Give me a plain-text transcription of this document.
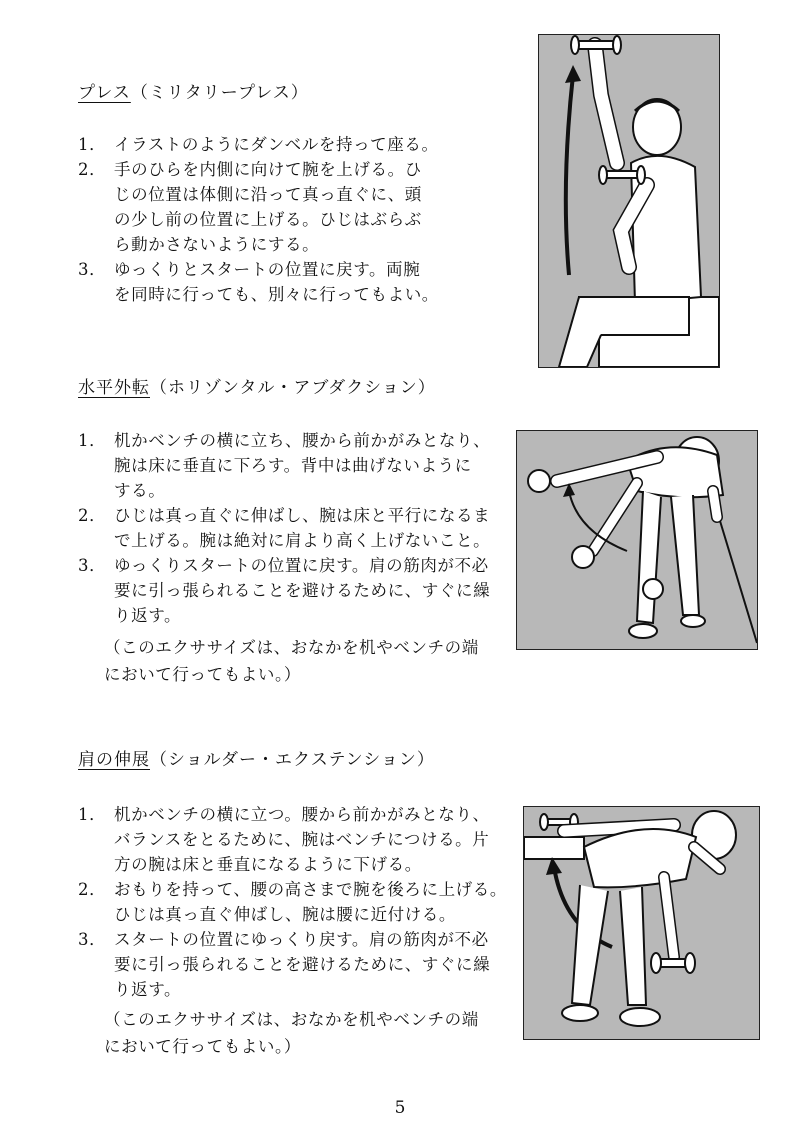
プレス（ミリタリープレス）
1． イラストのようにダンベルを持って座る。
2． 手のひらを内側に向けて腕を上げる。ひ
じの位置は体側に沿って真っ直ぐに、頭
の少し前の位置に上げる。ひじはぶらぶ
ら動かさないようにする。
3． ゆっくりとスタートの位置に戻す。両腕
を同時に行っても、別々に行ってもよい。
水平外転（ホリゾンタル・アブダクション）
1． 机かベンチの横に立ち、腰から前かがみとなり、
腕は床に垂直に下ろす。背中は曲げないように
する。
2． ひじは真っ直ぐに伸ばし、腕は床と平行になるま
で上げる。腕は絶対に肩より高く上げないこと。
3． ゆっくりスタートの位置に戻す。肩の筋肉が不必
要に引っ張られることを避けるために、すぐに繰
り返す。
（このエクササイズは、おなかを机やベンチの端
において行ってもよい。）
肩の伸展（ショルダー・エクステンション）
1． 机かベンチの横に立つ。腰から前かがみとなり、
バランスをとるために、腕はベンチにつける。片
方の腕は床と垂直になるように下げる。
2． おもりを持って、腰の高さまで腕を後ろに上げる。
ひじは真っ直ぐ伸ばし、腕は腰に近付ける。
3． スタートの位置にゆっくり戻す。肩の筋肉が不必
要に引っ張られることを避けるために、すぐに繰
り返す。
（このエクササイズは、おなかを机やベンチの端
において行ってもよい。）
5
